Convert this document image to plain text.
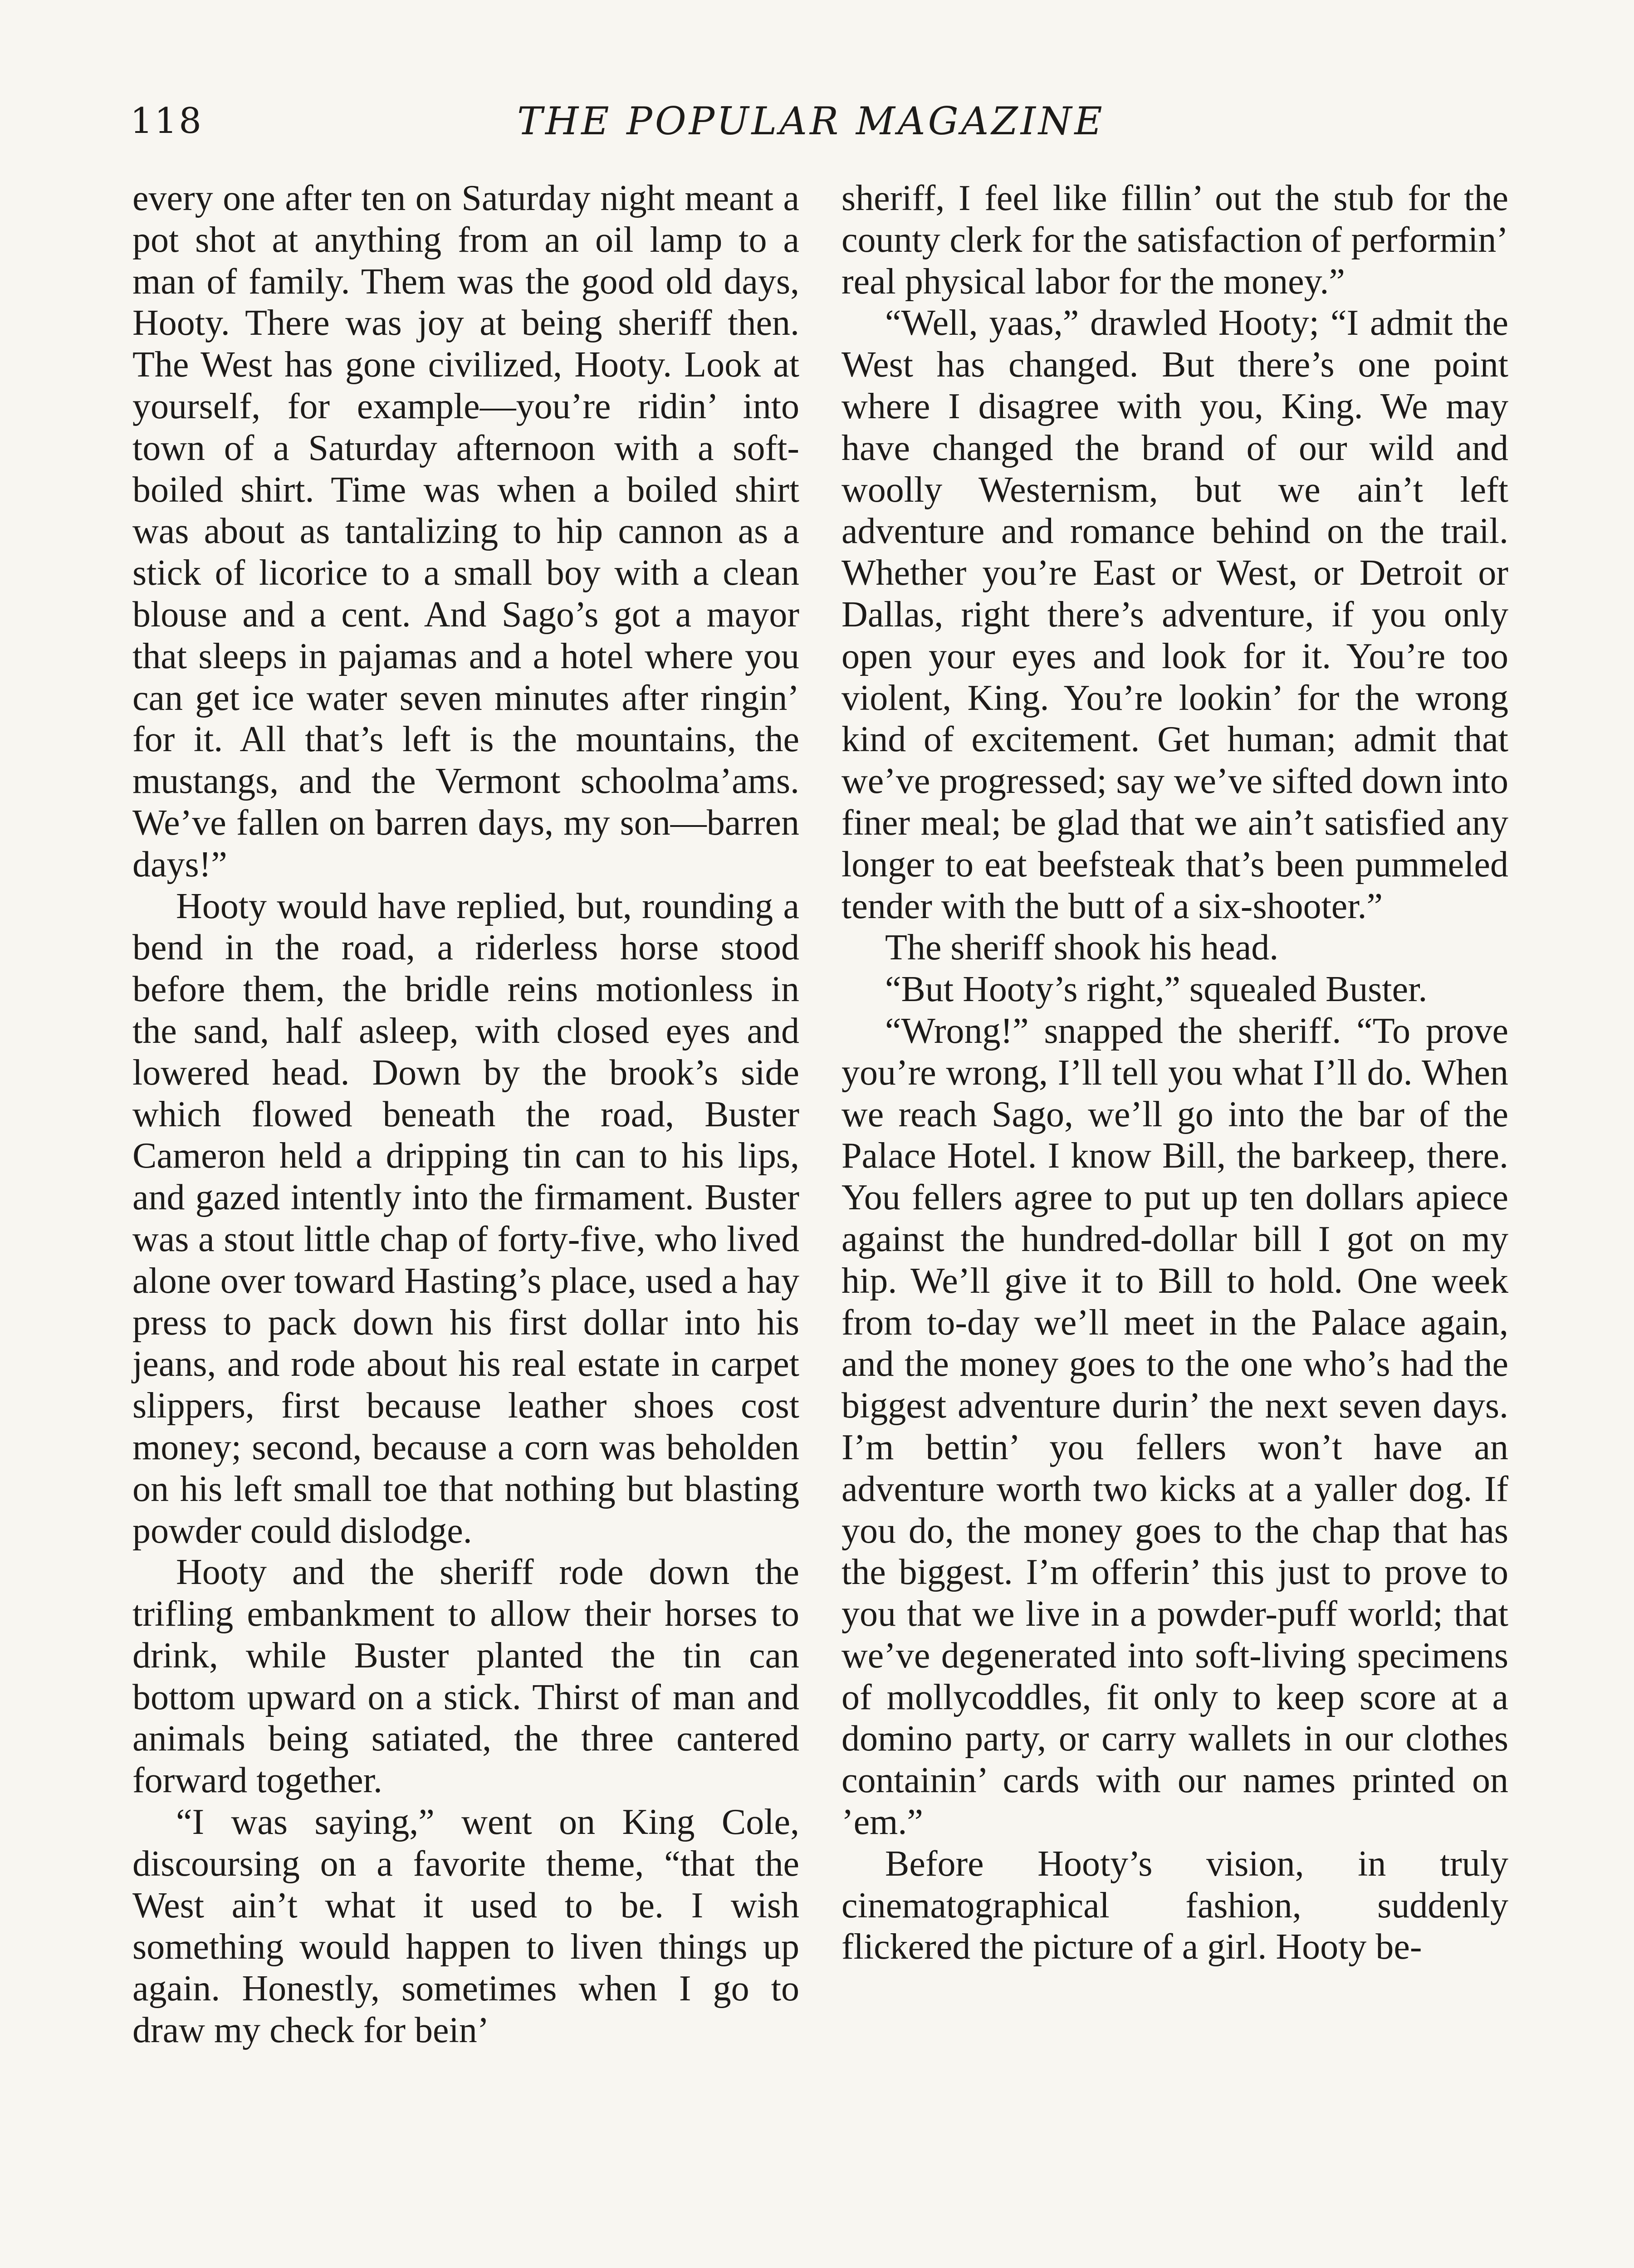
118	THE POPULAR MAGAZINE

every one after ten on Saturday night meant a pot shot at anything from an oil lamp to a man of family. Them was the good old days, Hooty. There was joy at being sheriff then. The West has gone civilized, Hooty. Look at yourself, for example—you’re ridin’ into town of a Saturday afternoon with a soft-boiled shirt. Time was when a boiled shirt was about as tantalizing to hip cannon as a stick of licorice to a small boy with a clean blouse and a cent. And Sago’s got a mayor that sleeps in pajamas and a hotel where you can get ice water seven minutes after ringin’ for it. All that’s left is the mountains, the mustangs, and the Vermont schoolma’ams. We’ve fallen on barren days, my son—barren days!”

Hooty would have replied, but, rounding a bend in the road, a riderless horse stood before them, the bridle reins motionless in the sand, half asleep, with closed eyes and lowered head. Down by the brook’s side which flowed beneath the road, Buster Cameron held a dripping tin can to his lips, and gazed intently into the firmament. Buster was a stout little chap of forty-five, who lived alone over toward Hasting’s place, used a hay press to pack down his first dollar into his jeans, and rode about his real estate in carpet slippers, first because leather shoes cost money; second, because a corn was beholden on his left small toe that nothing but blasting powder could dislodge.

Hooty and the sheriff rode down the trifling embankment to allow their horses to drink, while Buster planted the tin can bottom upward on a stick. Thirst of man and animals being satiated, the three cantered forward together.

“I was saying,” went on King Cole, discoursing on a favorite theme, “that the West ain’t what it used to be. I wish something would happen to liven things up again. Honestly, sometimes when I go to draw my check for bein’

sheriff, I feel like fillin’ out the stub for the county clerk for the satisfaction of performin’ real physical labor for the money.”

“Well, yaas,” drawled Hooty; “I admit the West has changed. But there’s one point where I disagree with you, King. We may have changed the brand of our wild and woolly Westernism, but we ain’t left adventure and romance behind on the trail. Whether you’re East or West, or Detroit or Dallas, right there’s adventure, if you only open your eyes and look for it. You’re too violent, King. You’re lookin’ for the wrong kind of excitement. Get human; admit that we’ve progressed; say we’ve sifted down into finer meal; be glad that we ain’t satisfied any longer to eat beefsteak that’s been pummeled tender with the butt of a six-shooter.”

The sheriff shook his head.

“But Hooty’s right,” squealed Buster.

“Wrong!” snapped the sheriff. “To prove you’re wrong, I’ll tell you what I’ll do. When we reach Sago, we’ll go into the bar of the Palace Hotel. I know Bill, the barkeep, there. You fellers agree to put up ten dollars apiece against the hundred-dollar bill I got on my hip. We’ll give it to Bill to hold. One week from to-day we’ll meet in the Palace again, and the money goes to the one who’s had the biggest adventure durin’ the next seven days. I’m bettin’ you fellers won’t have an adventure worth two kicks at a yaller dog. If you do, the money goes to the chap that has the biggest. I’m offerin’ this just to prove to you that we live in a powder-puff world; that we’ve degenerated into soft-living specimens of mollycoddles, fit only to keep score at a domino party, or carry wallets in our clothes containin’ cards with our names printed on ’em.”

Before Hooty’s vision, in truly cinematographical fashion, suddenly flickered the picture of a girl. Hooty be-
